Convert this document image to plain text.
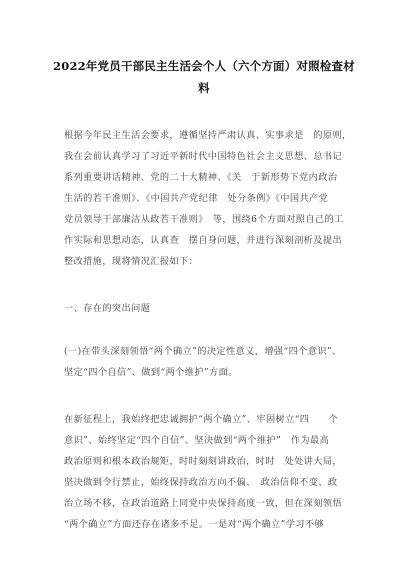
2022年党员干部民主生活会个人（六个方面）对照检查材
料
根据今年民主生活会要求，遵循坚持严肃认真、实事求是　的原则，
我在会前认真学习了习近平新时代中国特色社会主义思想、总书记
系列重要讲话精神、党的二十大精神、《关　于新形势下党内政治
生活的若干准则》、《中国共产党纪律　处分条例》《中国共产党
党员领导干部廉洁从政若干准则》　等，围绕6个方面对照自己的工
作实际和思想动态，认真查　摆自身问题，并进行深刻剖析及提出
整改措施，现将情况汇报如下：
一、存在的突出问题
(一)在带头深刻领悟“两个确立”的决定性意义，增强“四个意识”、
坚定“四个自信”、做到“两个维护”方面。
在新征程上，我始终把忠诚拥护“两个确立”、牢固树立“四　　个
意识”、始终坚定“四个自信”、坚决做到“两个维护”　作为最高
政治原则和根本政治规矩，时时刻刻讲政治，时时　处处讲大局，
坚决做到令行禁止，始终保持政治方向不偏、　政治信仰不变、政
治立场不移，在政治道路上同党中央保持高度一致，但在深刻领悟
“两个确立”方面还存在诸多不足。一是对“两个确立”学习不够
